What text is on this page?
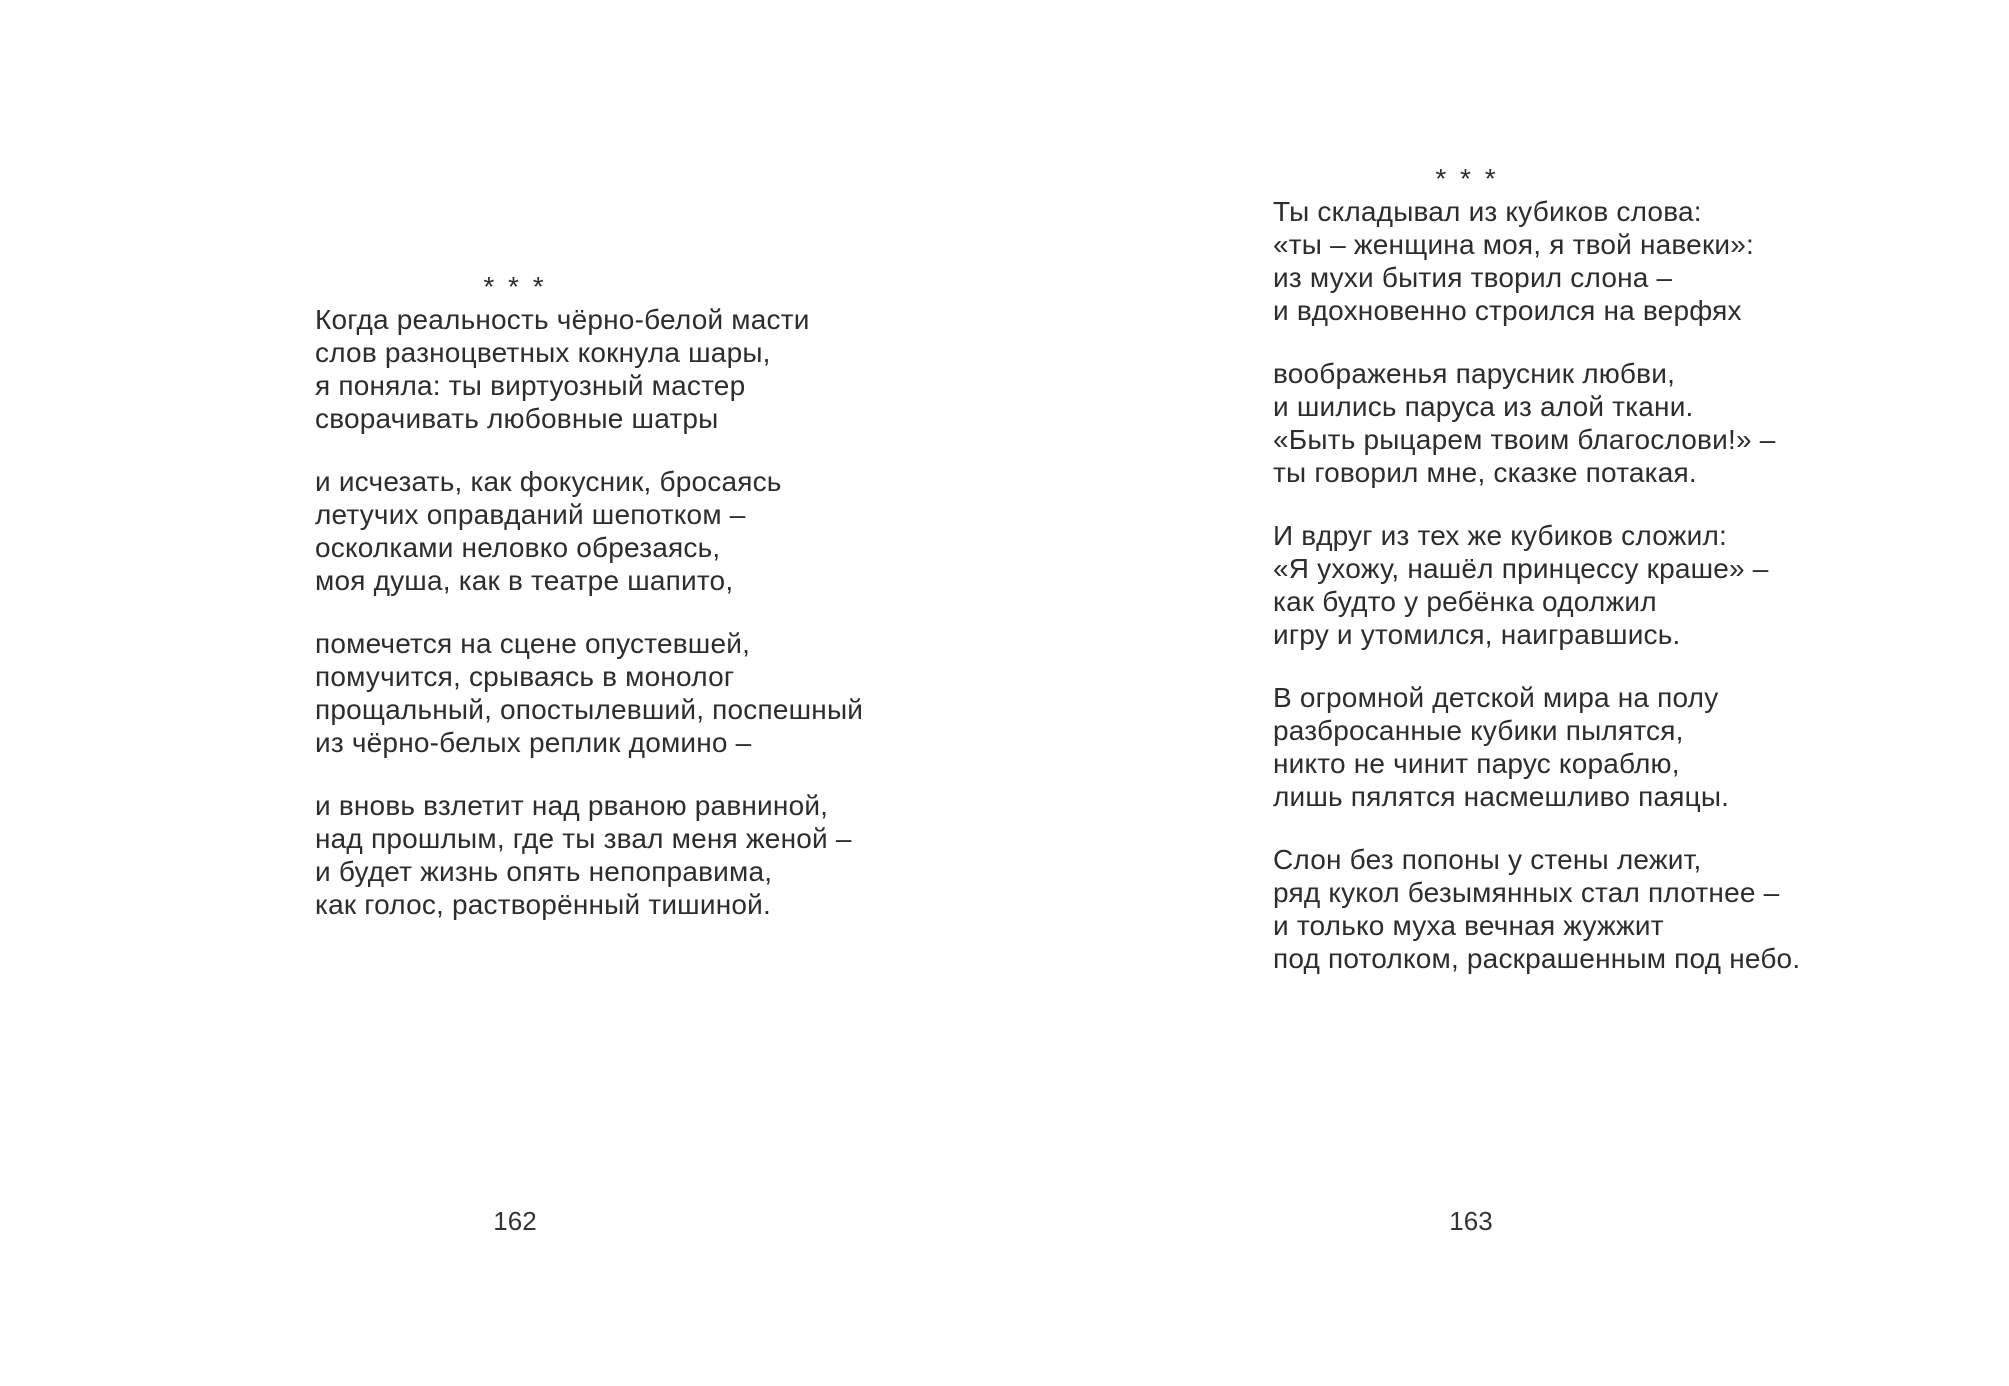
* * *
Когда реальность чёрно-белой масти
слов разноцветных кокнула шары,
я поняла: ты виртуозный мастер
сворачивать любовные шатры
и исчезать, как фокусник, бросаясь
летучих оправданий шепотком –
осколками неловко обрезаясь,
моя душа, как в театре шапито,
помечется на сцене опустевшей,
помучится, срываясь в монолог
прощальный, опостылевший, поспешный
из чёрно-белых реплик домино –
и вновь взлетит над рваною равниной,
над прошлым, где ты звал меня женой –
и будет жизнь опять непоправима,
как голос, растворённый тишиной.
162
* * *
Ты складывал из кубиков слова:
«ты – женщина моя, я твой навеки»:
из мухи бытия творил слона –
и вдохновенно строился на верфях
воображенья парусник любви,
и шились паруса из алой ткани.
«Быть рыцарем твоим благослови!» –
ты говорил мне, сказке потакая.
И вдруг из тех же кубиков сложил:
«Я ухожу, нашёл принцессу краше» –
как будто у ребёнка одолжил
игру и утомился, наигравшись.
В огромной детской мира на полу
разбросанные кубики пылятся,
никто не чинит парус кораблю,
лишь пялятся насмешливо паяцы.
Слон без попоны у стены лежит,
ряд кукол безымянных стал плотнее –
и только муха вечная жужжит
под потолком, раскрашенным под небо.
163
